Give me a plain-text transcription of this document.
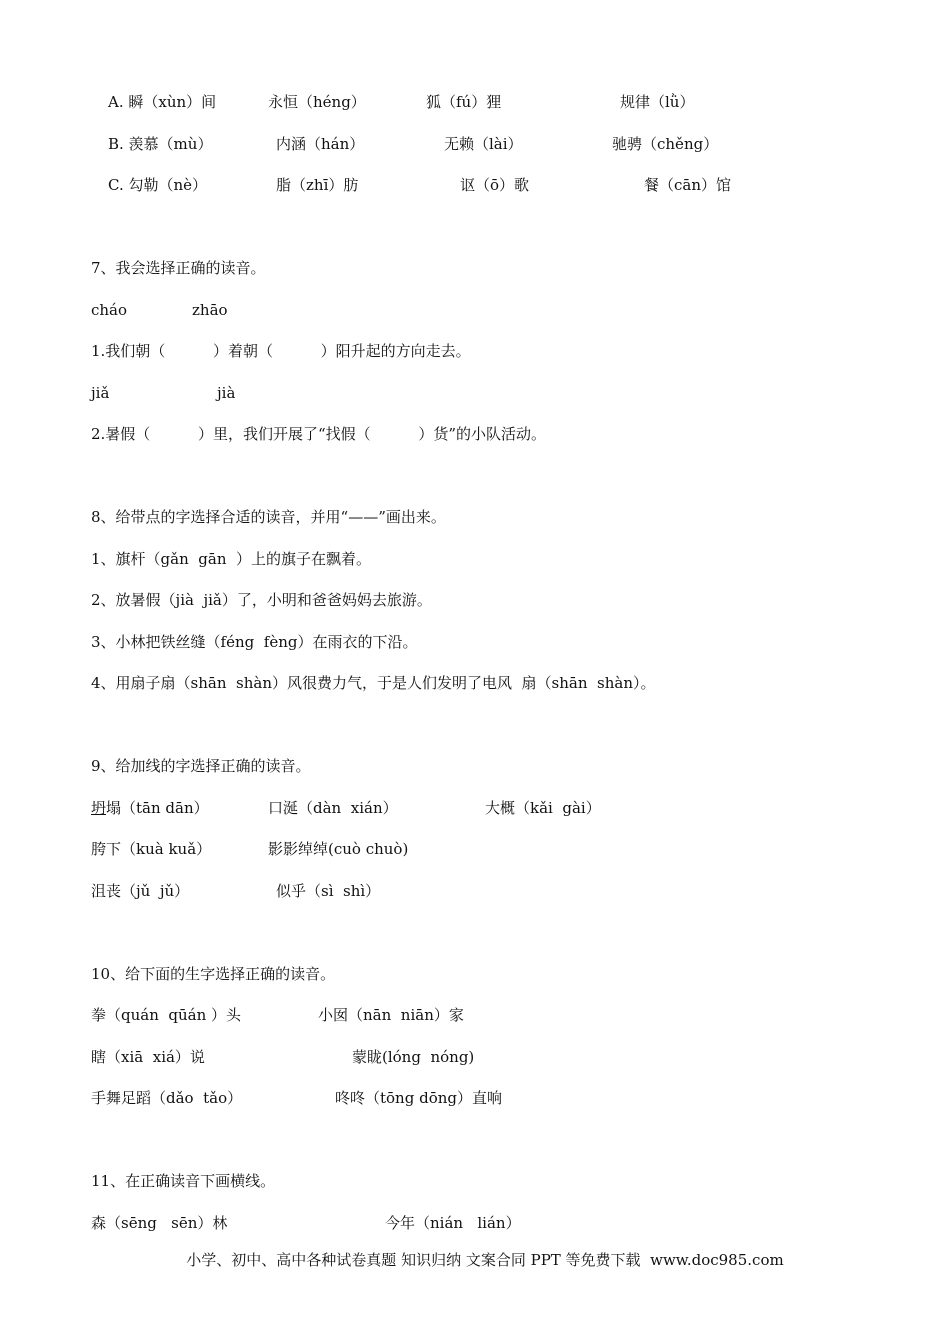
A. 瞬（xùn）间	永恒（héng）	狐（fú）狸	规律（lǜ）
B. 羡慕（mù）	内涵（hán）	无赖（lài）	驰骋（chěng）
C. 勾勒（nè）	脂（zhī）肪	讴（ō）歌	餐（cān）馆
7、我会选择正确的读音。
cháo	zhāo
1.我们朝（          ）着朝（          ）阳升起的方向走去。
jiǎ	jià
2.暑假（          ）里，我们开展了“找假（          ）货”的小队活动。
8、给带点的字选择合适的读音，并用“——”画出来。
1、旗杆（gǎn  gān  ）上的旗子在飘着。
2、放暑假（jià  jiǎ）了，小明和爸爸妈妈去旅游。
3、小林把铁丝缝（féng  fèng）在雨衣的下沿。
4、用扇子扇（shān  shàn）风很费力气，于是人们发明了电风  扇（shān  shàn）。
9、给加线的字选择正确的读音。
坍塌（tān dān）	口涎（dàn  xián）	大概（kǎi  gài）
胯下（kuà kuǎ）	影影绰绰(cuò chuò)
沮丧（jǔ  jǔ）	似乎（sì  shì）
10、给下面的生字选择正确的读音。
拳（quán  qūán ）头	小囡（nān  niān）家
瞎（xiā  xiá）说	蒙眬(lóng  nóng)
手舞足蹈（dǎo  tǎo）	咚咚（tōng dōng）直响
11、在正确读音下画横线。
森（sēng   sēn）林	今年（nián   lián）
小学、初中、高中各种试卷真题 知识归纳 文案合同 PPT 等免费下载  www.doc985.com
